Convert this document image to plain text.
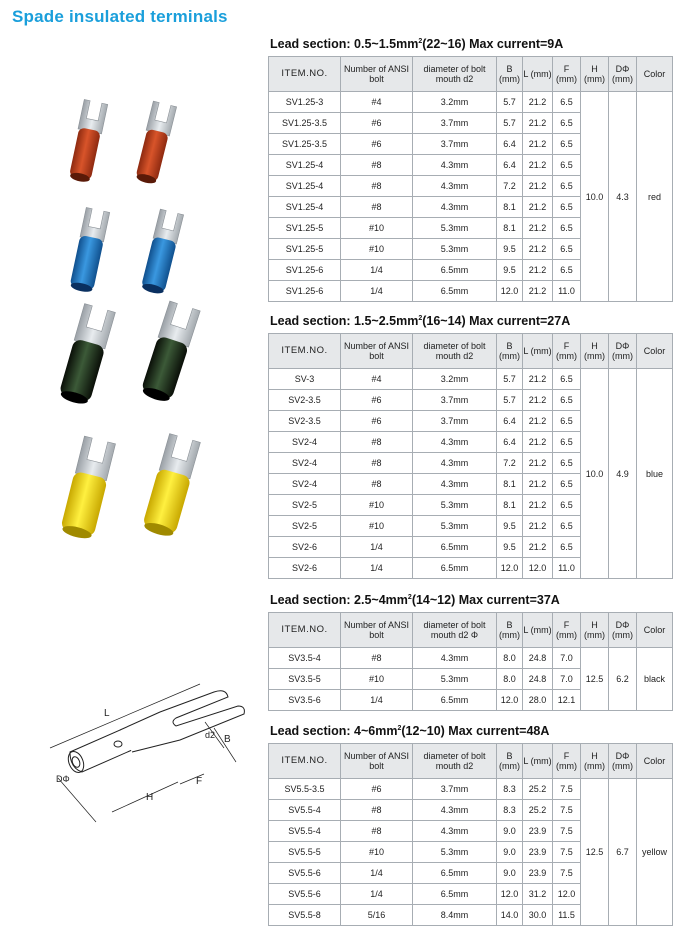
Spade insulated terminals
L
B
d2
DΦ
H
F
Lead section: $0.5\sim 1.5mm^2(22\sim 16)$ Max current=9A
Lead section: $1.5\sim 2.5mm^2(16\sim 14)$ Max current=27A
Lead section: $2.5\sim 4mm^2(14\sim 12)$ Max current=37A
Lead section: $4\sim 6mm^2(12\sim 10)$ Max current=48A
ITEM.NO.	Number of ANSI bolt	diameter of bolt mouth d2	B (mm)	L (mm)	F (mm)	H (mm)	DΦ (mm)	Color
SV1.25-3	#4	3.2mm	5.7	21.2	6.5	10.0	4.3	red
SV1.25-3.5	#6	3.7mm	5.7	21.2	6.5			
SV1.25-3.5	#6	3.7mm	6.4	21.2	6.5			
SV1.25-4	#8	4.3mm	6.4	21.2	6.5			
SV1.25-4	#8	4.3mm	7.2	21.2	6.5			
SV1.25-4	#8	4.3mm	8.1	21.2	6.5			
SV1.25-5	#10	5.3mm	8.1	21.2	6.5			
SV1.25-5	#10	5.3mm	9.5	21.2	6.5			
SV1.25-6	1/4	6.5mm	9.5	21.2	6.5			
SV1.25-6	1/4	6.5mm	12.0	21.2	11.0			
ITEM.NO.	Number of ANSI bolt	diameter of bolt mouth d2	B (mm)	L (mm)	F (mm)	H (mm)	DΦ (mm)	Color
SV-3	#4	3.2mm	5.7	21.2	6.5	10.0	4.9	blue
SV2-3.5	#6	3.7mm	5.7	21.2	6.5			
SV2-3.5	#6	3.7mm	6.4	21.2	6.5			
SV2-4	#8	4.3mm	6.4	21.2	6.5			
SV2-4	#8	4.3mm	7.2	21.2	6.5			
SV2-4	#8	4.3mm	8.1	21.2	6.5			
SV2-5	#10	5.3mm	8.1	21.2	6.5			
SV2-5	#10	5.3mm	9.5	21.2	6.5			
SV2-6	1/4	6.5mm	9.5	21.2	6.5			
SV2-6	1/4	6.5mm	12.0	12.0	11.0			
ITEM.NO.	Number of ANSI bolt	diameter of bolt mouth d2 Φ	B (mm)	L (mm)	F (mm)	H (mm)	DΦ (mm)	Color
SV3.5-4	#8	4.3mm	8.0	24.8	7.0	12.5	6.2	black
SV3.5-5	#10	5.3mm	8.0	24.8	7.0			
SV3.5-6	1/4	6.5mm	12.0	28.0	12.1			
ITEM.NO.	Number of ANSI bolt	diameter of bolt mouth d2	B (mm)	L (mm)	F (mm)	H (mm)	DΦ (mm)	Color
SV5.5-3.5	#6	3.7mm	8.3	25.2	7.5	12.5	6.7	yellow
SV5.5-4	#8	4.3mm	8.3	25.2	7.5			
SV5.5-4	#8	4.3mm	9.0	23.9	7.5			
SV5.5-5	#10	5.3mm	9.0	23.9	7.5			
SV5.5-6	1/4	6.5mm	9.0	23.9	7.5			
SV5.5-6	1/4	6.5mm	12.0	31.2	12.0			
SV5.5-8	5/16	8.4mm	14.0	30.0	11.5			
